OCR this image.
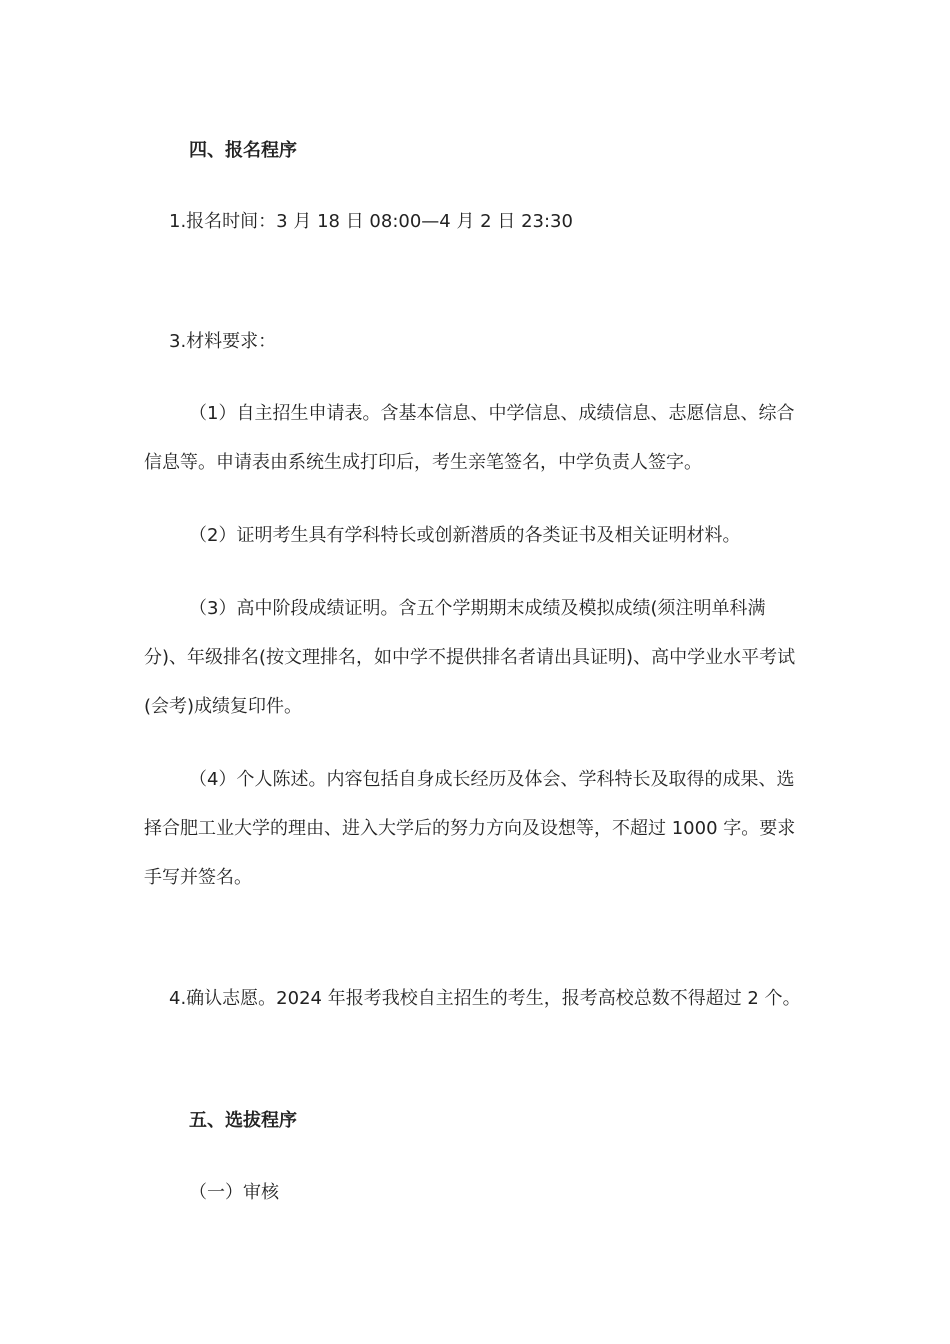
四、报名程序

1.报名时间：3 月 18 日 08:00—4 月 2 日 23:30

3.材料要求：

（1）自主招生申请表。含基本信息、中学信息、成绩信息、志愿信息、综合信息等。申请表由系统生成打印后，考生亲笔签名，中学负责人签字。

（2）证明考生具有学科特长或创新潜质的各类证书及相关证明材料。

（3）高中阶段成绩证明。含五个学期期末成绩及模拟成绩(须注明单科满分)、年级排名(按文理排名，如中学不提供排名者请出具证明)、高中学业水平考试(会考)成绩复印件。

（4）个人陈述。内容包括自身成长经历及体会、学科特长及取得的成果、选择合肥工业大学的理由、进入大学后的努力方向及设想等，不超过 1000 字。要求手写并签名。

4.确认志愿。2024 年报考我校自主招生的考生，报考高校总数不得超过 2 个。

五、选拔程序

（一）审核
